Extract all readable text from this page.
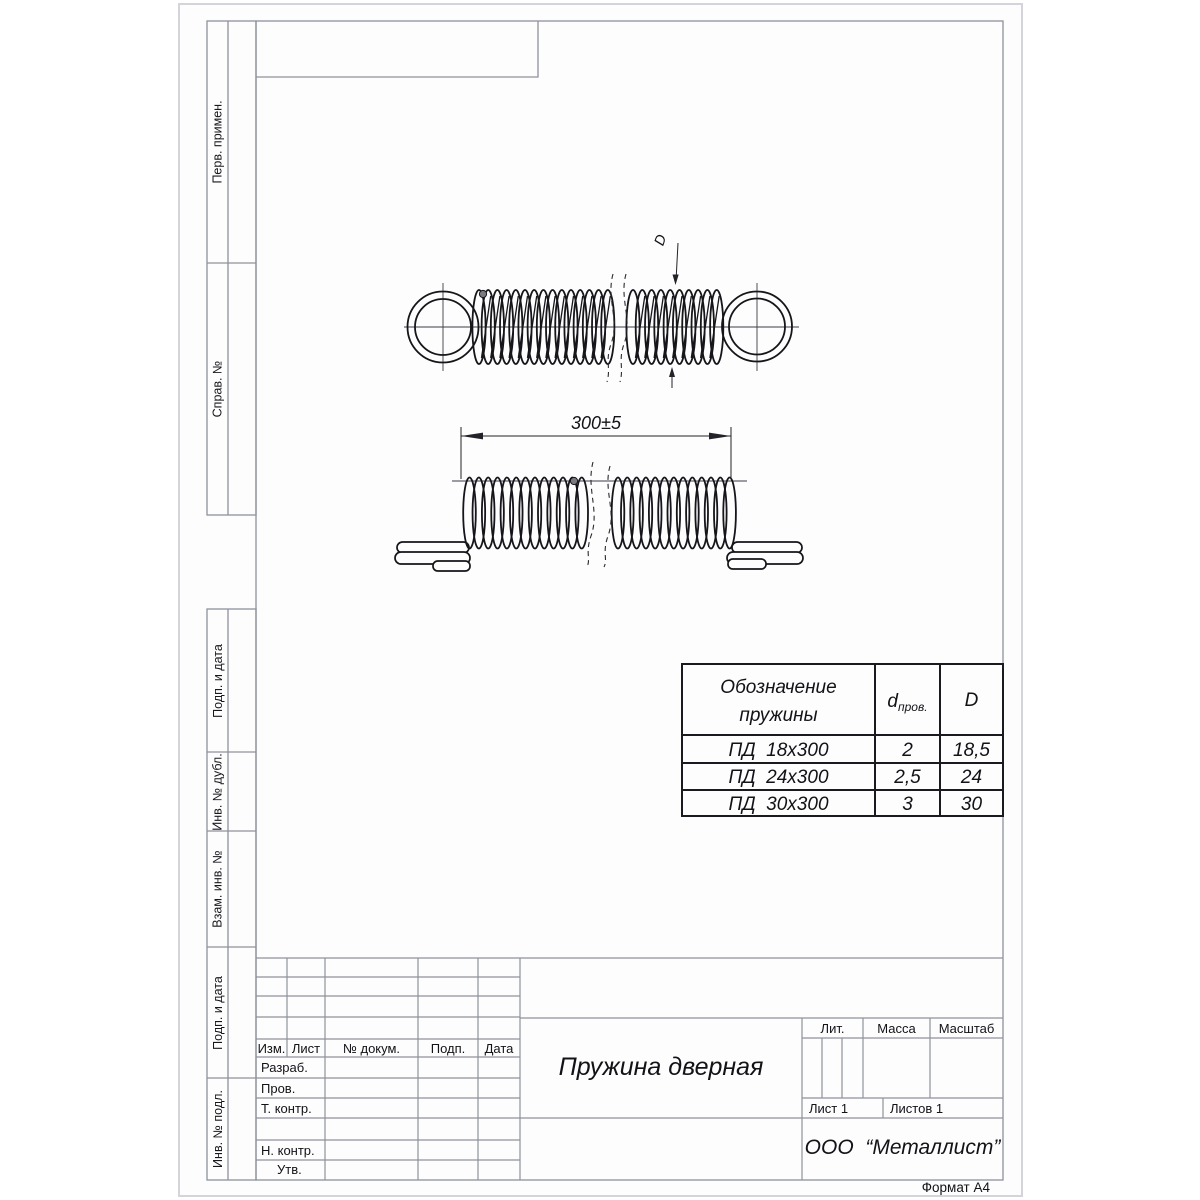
Перв. примен.
Справ. №
Подп. и дата
Инв. № дубл.
Взам. инв. №
Подп. и дата
Инв. № подл.
300±5
D
Обозначение
пружины
$d_{пров.}$	D
ПД  18х300	2	18,5
ПД  24х300	2,5	24
ПД  30х300	3	30
Изм. Лист	№ докум.	Подп.	Дата
Разраб.
Пров.
Т. контр.
Н. контр.
Утв.
Пружина дверная
Лит.	Масса	Масштаб
Лист 1	Листов 1
ООО  “Металлист”
Формат А4
